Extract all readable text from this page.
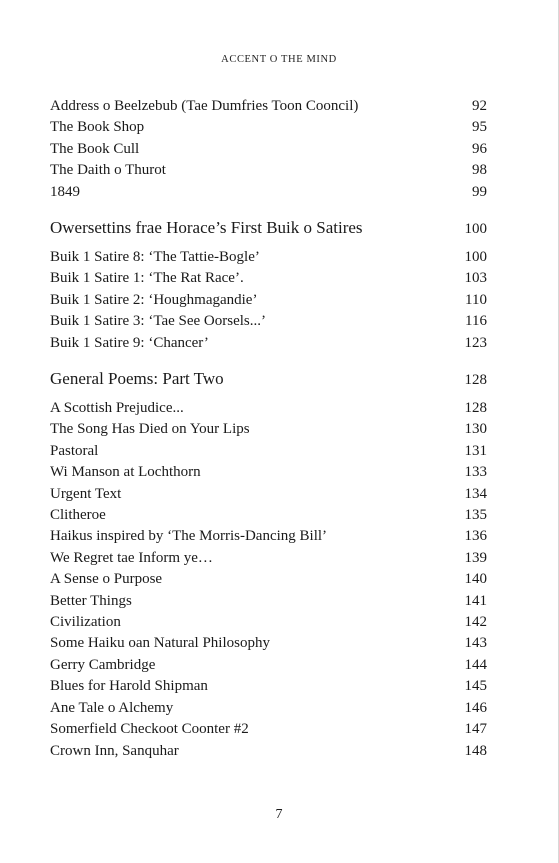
ACCENT O THE MIND
Address o Beelzebub (Tae Dumfries Toon Cooncil)	92
The Book Shop	95
The Book Cull	96
The Daith o Thurot	98
1849	99
Owersettins frae Horace’s First Buik o Satires	100
Buik 1 Satire 8: ‘The Tattie-Bogle’	100
Buik 1 Satire 1: ‘The Rat Race’.	103
Buik 1 Satire 2: ‘Houghmagandie’	110
Buik 1 Satire 3: ‘Tae See Oorsels...’	116
Buik 1 Satire 9: ‘Chancer’	123
General Poems: Part Two	128
A Scottish Prejudice...	128
The Song Has Died on Your Lips	130
Pastoral	131
Wi Manson at Lochthorn	133
Urgent Text	134
Clitheroe	135
Haikus inspired by ‘The Morris-Dancing Bill’	136
We Regret tae Inform ye…	139
A Sense o Purpose	140
Better Things	141
Civilization	142
Some Haiku oan Natural Philosophy	143
Gerry Cambridge	144
Blues for Harold Shipman	145
Ane Tale o Alchemy	146
Somerfield Checkoot Coonter #2	147
Crown Inn, Sanquhar	148
7
